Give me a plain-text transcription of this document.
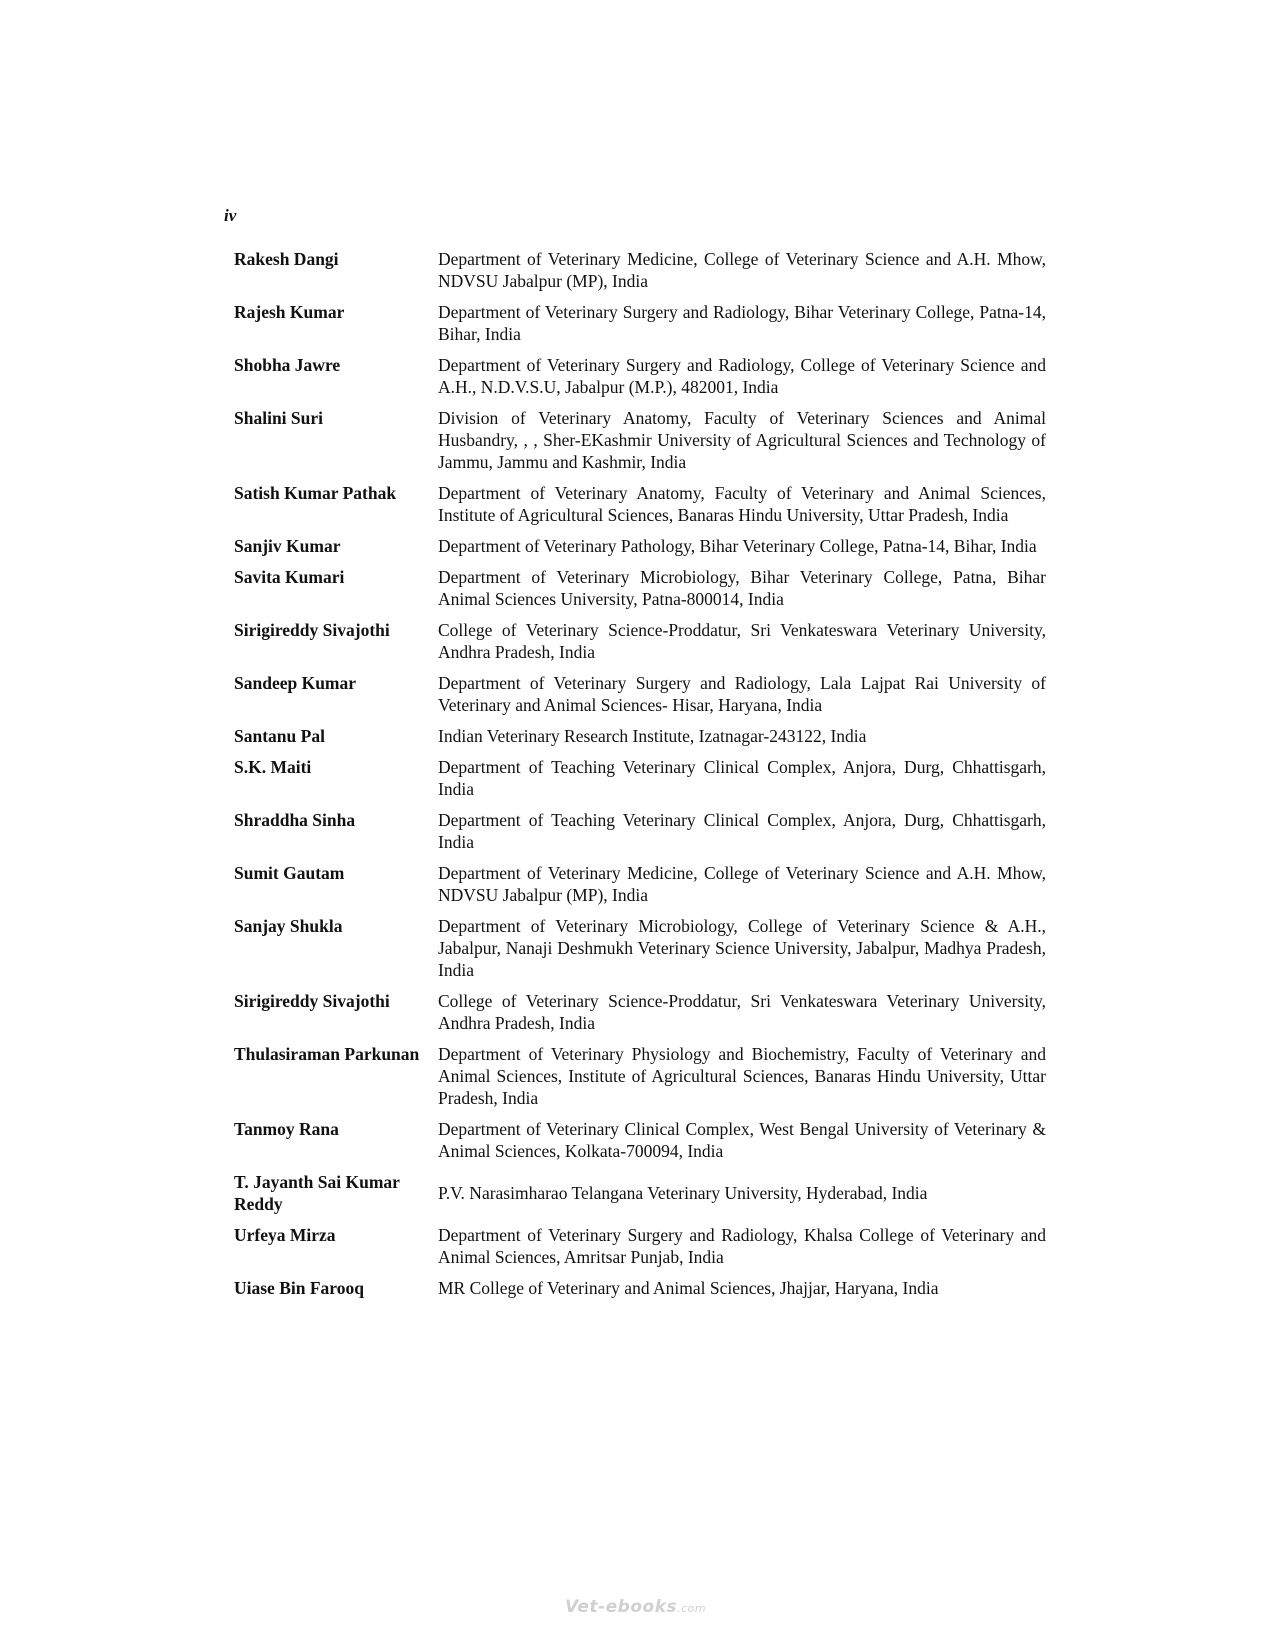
iv
Rakesh Dangi	Department of Veterinary Medicine, College of Veterinary Science and A.H. Mhow, NDVSU Jabalpur (MP), India
Rajesh Kumar	Department of Veterinary Surgery and Radiology, Bihar Veterinary College, Patna-14, Bihar, India
Shobha Jawre	Department of Veterinary Surgery and Radiology, College of Veterinary Science and A.H., N.D.V.S.U, Jabalpur (M.P.), 482001, India
Shalini Suri	Division of Veterinary Anatomy, Faculty of Veterinary Sciences and Animal Husbandry, , , Sher-EKashmir University of Agricultural Sciences and Technology of Jammu, Jammu and Kashmir, India
Satish Kumar Pathak	Department of Veterinary Anatomy, Faculty of Veterinary and Animal Sciences, Institute of Agricultural Sciences, Banaras Hindu University, Uttar Pradesh, India
Sanjiv Kumar	Department of Veterinary Pathology, Bihar Veterinary College, Patna-14, Bihar, India
Savita Kumari	Department of Veterinary Microbiology, Bihar Veterinary College, Patna, Bihar Animal Sciences University, Patna-800014, India
Sirigireddy Sivajothi	College of Veterinary Science-Proddatur, Sri Venkateswara Veterinary University, Andhra Pradesh, India
Sandeep Kumar	Department of Veterinary Surgery and Radiology, Lala Lajpat Rai University of Veterinary and Animal Sciences- Hisar, Haryana, India
Santanu Pal	Indian Veterinary Research Institute, Izatnagar-243122, India
S.K. Maiti	Department of Teaching Veterinary Clinical Complex, Anjora, Durg, Chhattisgarh, India
Shraddha Sinha	Department of Teaching Veterinary Clinical Complex, Anjora, Durg, Chhattisgarh, India
Sumit Gautam	Department of Veterinary Medicine, College of Veterinary Science and A.H. Mhow, NDVSU Jabalpur (MP), India
Sanjay Shukla	Department of Veterinary Microbiology, College of Veterinary Science & A.H., Jabalpur, Nanaji Deshmukh Veterinary Science University, Jabalpur, Madhya Pradesh, India
Sirigireddy Sivajothi	College of Veterinary Science-Proddatur, Sri Venkateswara Veterinary University, Andhra Pradesh, India
Thulasiraman Parkunan	Department of Veterinary Physiology and Biochemistry, Faculty of Veterinary and Animal Sciences, Institute of Agricultural Sciences, Banaras Hindu University, Uttar Pradesh, India
Tanmoy Rana	Department of Veterinary Clinical Complex, West Bengal University of Veterinary & Animal Sciences, Kolkata-700094, India
T. Jayanth Sai Kumar Reddy	P.V. Narasimharao Telangana Veterinary University, Hyderabad, India
Urfeya Mirza	Department of Veterinary Surgery and Radiology, Khalsa College of Veterinary and Animal Sciences, Amritsar Punjab, India
Uiase Bin Farooq	MR College of Veterinary and Animal Sciences, Jhajjar, Haryana, India
Vet-ebooks.com
